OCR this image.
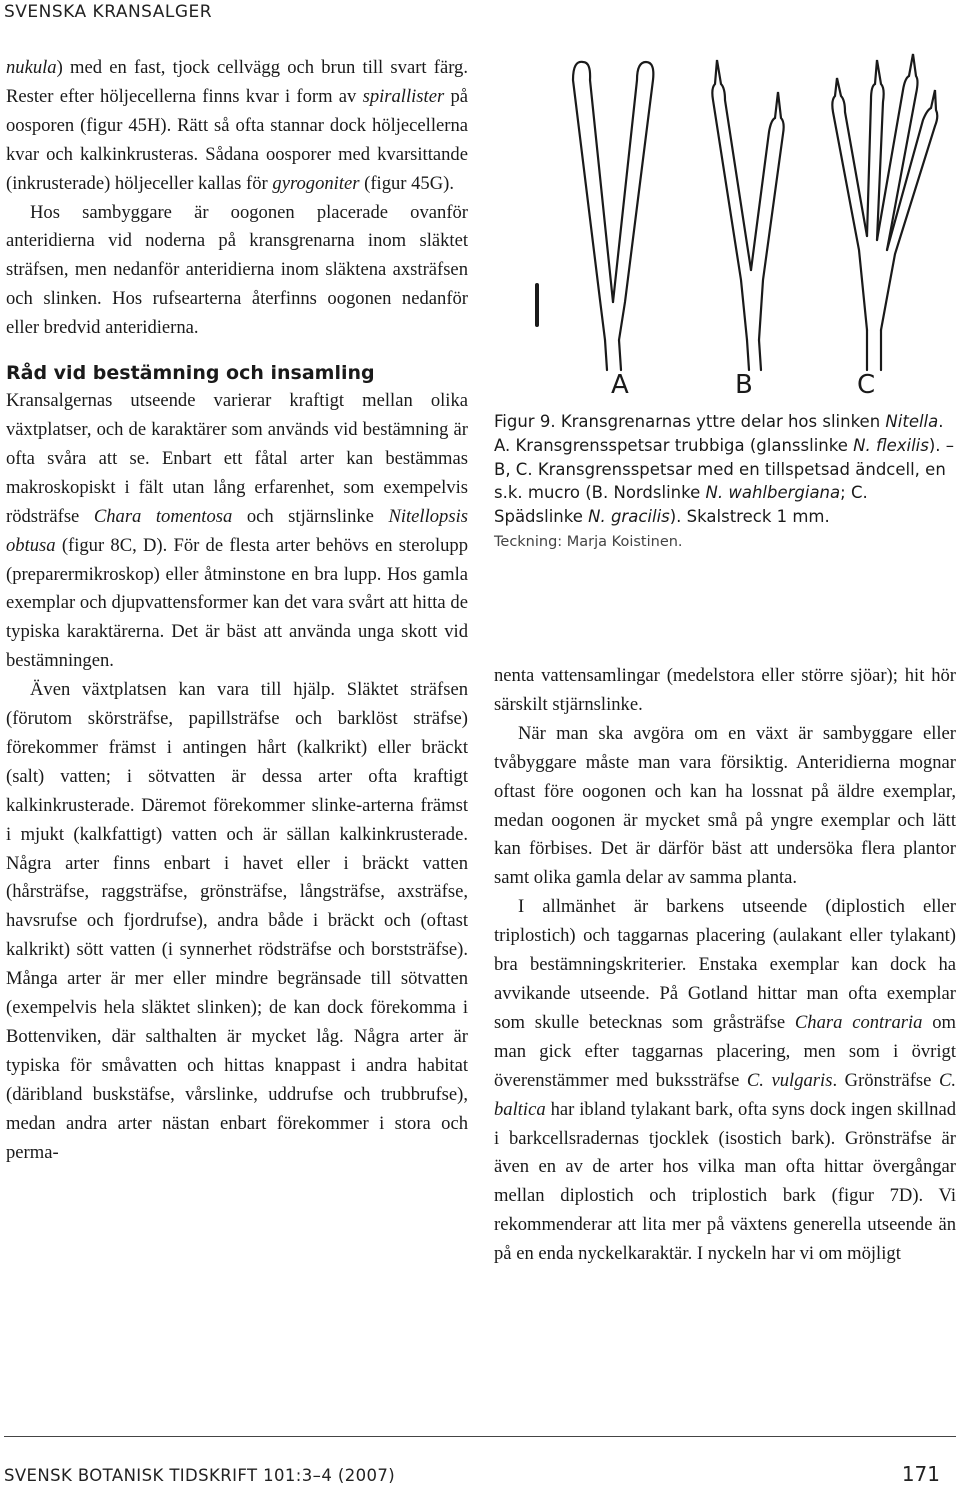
SVENSKA KRANSALGER

nukula) med en fast, tjock cellvägg och brun till svart färg. Rester efter höljecellerna finns kvar i form av spirallister på oosporen (figur 45H). Rätt så ofta stannar dock höljecellerna kvar och kalkinkrusteras. Sådana oosporer med kvarsittande (inkrusterade) höljeceller kallas för gyrogoniter (figur 45G).

Hos sambyggare är oogonen placerade ovanför anteridierna vid noderna på kransgrenarna inom släktet sträfsen, men nedanför anteridierna inom släktena axsträfsen och slinken. Hos rufsearterna återfinns oogonen nedanför eller bredvid anteridierna.

Råd vid bestämning och insamling

Kransalgernas utseende varierar kraftigt mellan olika växtplatser, och de karaktärer som används vid bestämning är ofta svåra att se. Enbart ett fåtal arter kan bestämmas makroskopiskt i fält utan lång erfarenhet, som exempelvis rödsträfse Chara tomentosa och stjärnslinke Nitellopsis obtusa (figur 8C, D). För de flesta arter behövs en sterolupp (preparermikroskop) eller åtminstone en bra lupp. Hos gamla exemplar och djupvattensformer kan det vara svårt att hitta de typiska karaktärerna. Det är bäst att använda unga skott vid bestämningen.

Även växtplatsen kan vara till hjälp. Släktet sträfsen (förutom skörsträfse, papillsträfse och barklöst sträfse) förekommer främst i antingen hårt (kalkrikt) eller bräckt (salt) vatten; i sötvatten är dessa arter ofta kraftigt kalkinkrusterade. Däremot förekommer slinke-arterna främst i mjukt (kalkfattigt) vatten och är sällan kalkinkrusterade. Några arter finns enbart i havet eller i bräckt vatten (hårsträfse, raggsträfse, grönsträfse, långsträfse, axsträfse, havsrufse och fjordrufse), andra både i bräckt och (oftast kalkrikt) sött vatten (i synnerhet rödsträfse och borststräfse). Många arter är mer eller mindre begränsade till sötvatten (exempelvis hela släktet slinken); de kan dock förekomma i Bottenviken, där salthalten är mycket låg. Några arter är typiska för småvatten och hittas knappast i andra habitat (däribland buskstäfse, vårslinke, uddrufse och trubbrufse), medan andra arter nästan enbart förekommer i stora och perma-

A	B	C

Figur 9. Kransgrenarnas yttre delar hos slinken Nitella.
A. Kransgrensspetsar trubbiga (glansslinke N. flexilis). – B, C. Kransgrensspetsar med en tillspetsad ändcell, en s.k. mucro (B. Nordslinke N. wahlbergiana; C. Spädslinke N. gracilis). Skalstreck 1 mm.

Teckning: Marja Koistinen.

nenta vattensamlingar (medelstora eller större sjöar); hit hör särskilt stjärnslinke.

När man ska avgöra om en växt är sambyggare eller tvåbyggare måste man vara försiktig. Anteridierna mognar oftast före oogonen och kan ha lossnat på äldre exemplar, medan oogonen är mycket små på yngre exemplar och lätt kan förbises. Det är därför bäst att undersöka flera plantor samt olika gamla delar av samma planta.

I allmänhet är barkens utseende (diplostich eller triplostich) och taggarnas placering (aulakant eller tylakant) bra bestämningskriterier. Enstaka exemplar kan dock ha avvikande utseende. På Gotland hittar man ofta exemplar som skulle betecknas som gråsträfse Chara contraria om man gick efter taggarnas placering, men som i övrigt överenstämmer med bukssträfse C. vulgaris. Grönsträfse C. baltica har ibland tylakant bark, ofta syns dock ingen skillnad i barkcellsradernas tjocklek (isostich bark). Grönsträfse är även en av de arter hos vilka man ofta hittar övergångar mellan diplostich och triplostich bark (figur 7D). Vi rekommenderar att lita mer på växtens generella utseende än på en enda nyckelkaraktär. I nyckeln har vi om möjligt

SVENSK BOTANISK TIDSKRIFT 101:3–4 (2007)	171
